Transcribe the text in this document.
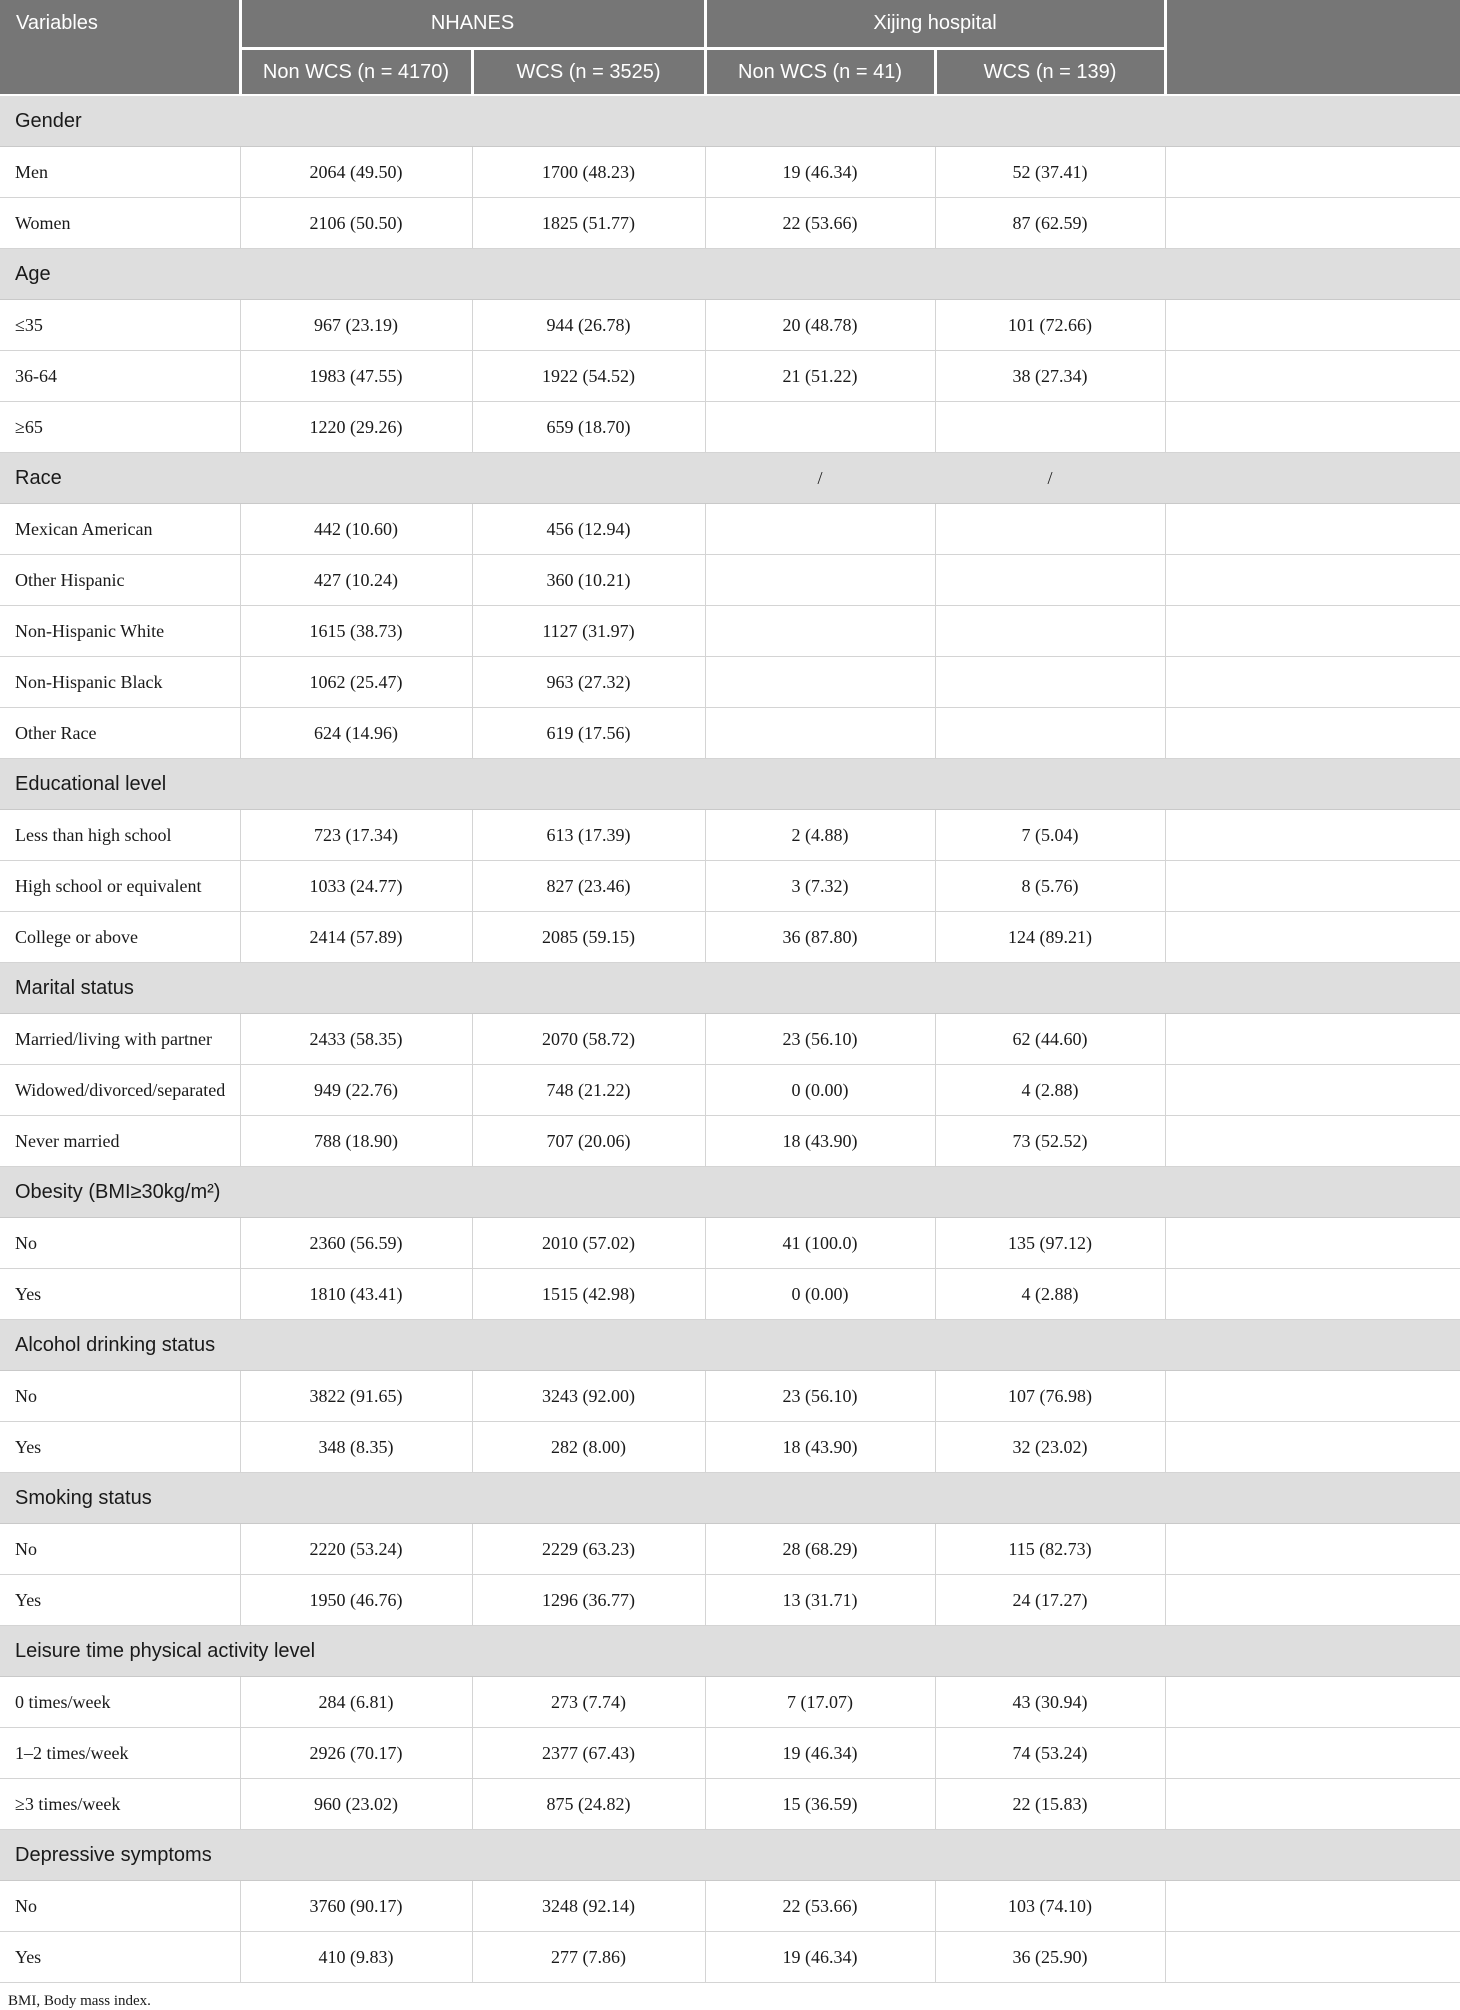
Variables	NHANES		Xijing hospital		
	Non WCS (n = 4170)	WCS (n = 3525)	Non WCS (n = 41)	WCS (n = 139)	
Gender					
Men	2064 (49.50)	1700 (48.23)	19 (46.34)	52 (37.41)	
Women	2106 (50.50)	1825 (51.77)	22 (53.66)	87 (62.59)	
Age					
≤35	967 (23.19)	944 (26.78)	20 (48.78)	101 (72.66)	
36-64	1983 (47.55)	1922 (54.52)	21 (51.22)	38 (27.34)	
≥65	1220 (29.26)	659 (18.70)			
Race			/	/	
Mexican American	442 (10.60)	456 (12.94)			
Other Hispanic	427 (10.24)	360 (10.21)			
Non-Hispanic White	1615 (38.73)	1127 (31.97)			
Non-Hispanic Black	1062 (25.47)	963 (27.32)			
Other Race	624 (14.96)	619 (17.56)			
Educational level					
Less than high school	723 (17.34)	613 (17.39)	2 (4.88)	7 (5.04)	
High school or equivalent	1033 (24.77)	827 (23.46)	3 (7.32)	8 (5.76)	
College or above	2414 (57.89)	2085 (59.15)	36 (87.80)	124 (89.21)	
Marital status					
Married/living with partner	2433 (58.35)	2070 (58.72)	23 (56.10)	62 (44.60)	
Widowed/divorced/separated	949 (22.76)	748 (21.22)	0 (0.00)	4 (2.88)	
Never married	788 (18.90)	707 (20.06)	18 (43.90)	73 (52.52)	
Obesity (BMI≥30kg/m²)					
No	2360 (56.59)	2010 (57.02)	41 (100.0)	135 (97.12)	
Yes	1810 (43.41)	1515 (42.98)	0 (0.00)	4 (2.88)	
Alcohol drinking status					
No	3822 (91.65)	3243 (92.00)	23 (56.10)	107 (76.98)	
Yes	348 (8.35)	282 (8.00)	18 (43.90)	32 (23.02)	
Smoking status					
No	2220 (53.24)	2229 (63.23)	28 (68.29)	115 (82.73)	
Yes	1950 (46.76)	1296 (36.77)	13 (31.71)	24 (17.27)	
Leisure time physical activity level					
0 times/week	284 (6.81)	273 (7.74)	7 (17.07)	43 (30.94)	
1–2 times/week	2926 (70.17)	2377 (67.43)	19 (46.34)	74 (53.24)	
≥3 times/week	960 (23.02)	875 (24.82)	15 (36.59)	22 (15.83)	
Depressive symptoms					
No	3760 (90.17)	3248 (92.14)	22 (53.66)	103 (74.10)	
Yes	410 (9.83)	277 (7.86)	19 (46.34)	36 (25.90)	
BMI, Body mass index.
